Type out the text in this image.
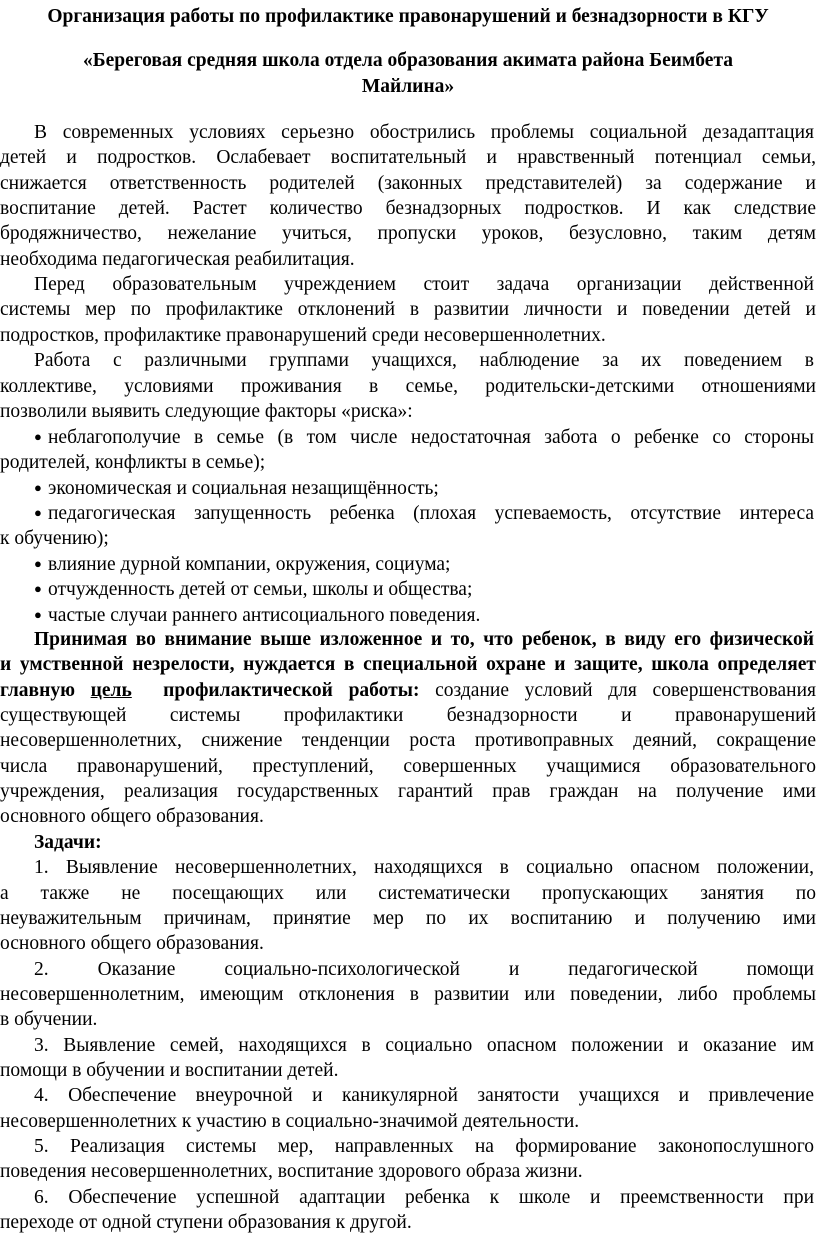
Организация работы по профилактике правонарушений и безнадзорности в КГУ
«Береговая средняя школа отдела образования акимата района Беимбета
Майлина»
В современных условиях серьезно обострились проблемы социальной дезадаптация
детей и подростков. Ослабевает воспитательный и нравственный потенциал семьи,
снижается ответственность родителей (законных представителей) за содержание и
воспитание детей. Растет количество безнадзорных подростков. И как следствие
бродяжничество, нежелание учиться, пропуски уроков, безусловно, таким детям
необходима педагогическая реабилитация.
Перед образовательным учреждением стоит задача организации действенной
системы мер по профилактике отклонений в развитии личности и поведении детей и
подростков, профилактике правонарушений среди несовершеннолетних.
Работа с различными группами учащихся, наблюдение за их поведением в
коллективе, условиями проживания в семье, родительски-детскими отношениями
позволили выявить следующие факторы «риска»:
● неблагополучие в семье (в том числе недостаточная забота о ребенке со стороны
родителей, конфликты в семье);
● экономическая и социальная незащищённость;
● педагогическая запущенность ребенка (плохая успеваемость, отсутствие интереса
к обучению);
● влияние дурной компании, окружения, социума;
● отчужденность детей от семьи, школы и общества;
● частые случаи раннего антисоциального поведения.
Принимая во внимание выше изложенное и то, что ребенок, в виду его физической
и умственной незрелости, нуждается в специальной охране и защите, школа определяет
главную цель  профилактической работы: создание условий для совершенствования
существующей системы профилактики безнадзорности и правонарушений
несовершеннолетних, снижение тенденции роста противоправных деяний, сокращение
числа правонарушений, преступлений, совершенных учащимися образовательного
учреждения, реализация государственных гарантий прав граждан на получение ими
основного общего образования.
Задачи:
1. Выявление несовершеннолетних, находящихся в социально опасном положении,
а также не посещающих или систематически пропускающих занятия по
неуважительным причинам, принятие мер по их воспитанию и получению ими
основного общего образования.
2. Оказание социально-психологической и педагогической помощи
несовершеннолетним, имеющим отклонения в развитии или поведении, либо проблемы
в обучении.
3. Выявление семей, находящихся в социально опасном положении и оказание им
помощи в обучении и воспитании детей.
4. Обеспечение внеурочной и каникулярной занятости учащихся и привлечение
несовершеннолетних к участию в социально-значимой деятельности.
5. Реализация системы мер, направленных на формирование законопослушного
поведения несовершеннолетних, воспитание здорового образа жизни.
6. Обеспечение успешной адаптации ребенка к школе и преемственности при
переходе от одной ступени образования к другой.
